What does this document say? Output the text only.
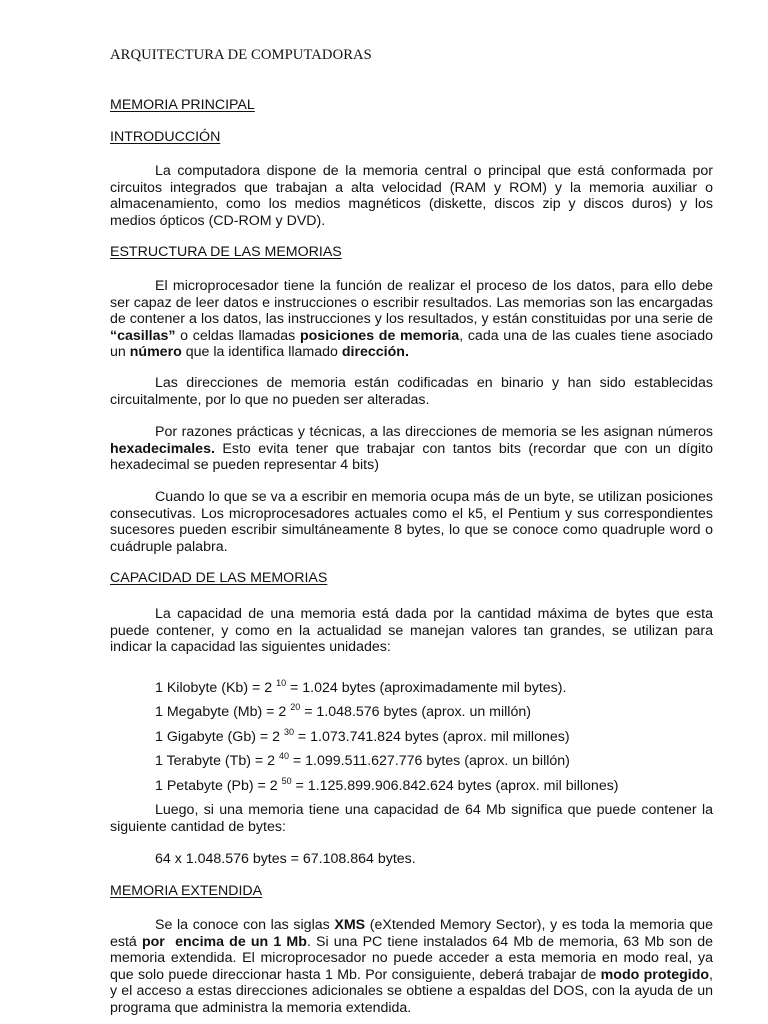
ARQUITECTURA DE COMPUTADORAS
MEMORIA PRINCIPAL
INTRODUCCIÓN
La computadora dispone de la memoria central o principal que está conformada por
circuitos integrados que trabajan a alta velocidad (RAM y ROM) y la memoria auxiliar o
almacenamiento, como los medios magnéticos (diskette, discos zip y discos duros) y los
medios ópticos (CD-ROM y DVD).
ESTRUCTURA DE LAS MEMORIAS
El microprocesador tiene la función de realizar el proceso de los datos, para ello debe
ser capaz de leer datos e instrucciones o escribir resultados. Las memorias son las encargadas
de contener a los datos, las instrucciones y los resultados, y están constituidas por una serie de
“casillas” o celdas llamadas posiciones de memoria, cada una de las cuales tiene asociado
un número que la identifica llamado dirección.
Las direcciones de memoria están codificadas en binario y han sido establecidas
circuitalmente, por lo que no pueden ser alteradas.
Por razones prácticas y técnicas, a las direcciones de memoria se les asignan números
hexadecimales. Esto evita tener que trabajar con tantos bits (recordar que con un dígito
hexadecimal se pueden representar 4 bits)
Cuando lo que se va a escribir en memoria ocupa más de un byte, se utilizan posiciones
consecutivas. Los microprocesadores actuales como el k5, el Pentium y sus correspondientes
sucesores pueden escribir simultáneamente 8 bytes, lo que se conoce como quadruple word o
cuádruple palabra.
CAPACIDAD DE LAS MEMORIAS
La capacidad de una memoria está dada por la cantidad máxima de bytes que esta
puede contener, y como en la actualidad se manejan valores tan grandes, se utilizan para
indicar la capacidad las siguientes unidades:
1 Kilobyte (Kb) = 2 $^{10}$ = 1.024 bytes (aproximadamente mil bytes).
1 Megabyte (Mb) = 2 $^{20}$ = 1.048.576 bytes (aprox. un millón)
1 Gigabyte (Gb) = 2 $^{30}$ = 1.073.741.824 bytes (aprox. mil millones)
1 Terabyte (Tb) = 2 $^{40}$ = 1.099.511.627.776 bytes (aprox. un billón)
1 Petabyte (Pb) = 2 $^{50}$ = 1.125.899.906.842.624 bytes (aprox. mil billones)
Luego, si una memoria tiene una capacidad de 64 Mb significa que puede contener la
siguiente cantidad de bytes:
64 x 1.048.576 bytes = 67.108.864 bytes.
MEMORIA EXTENDIDA
Se la conoce con las siglas XMS (eXtended Memory Sector), y es toda la memoria que
está por  encima de un 1 Mb. Si una PC tiene instalados 64 Mb de memoria, 63 Mb son de
memoria extendida. El microprocesador no puede acceder a esta memoria en modo real, ya
que solo puede direccionar hasta 1 Mb. Por consiguiente, deberá trabajar de modo protegido,
y el acceso a estas direcciones adicionales se obtiene a espaldas del DOS, con la ayuda de un
programa que administra la memoria extendida.
